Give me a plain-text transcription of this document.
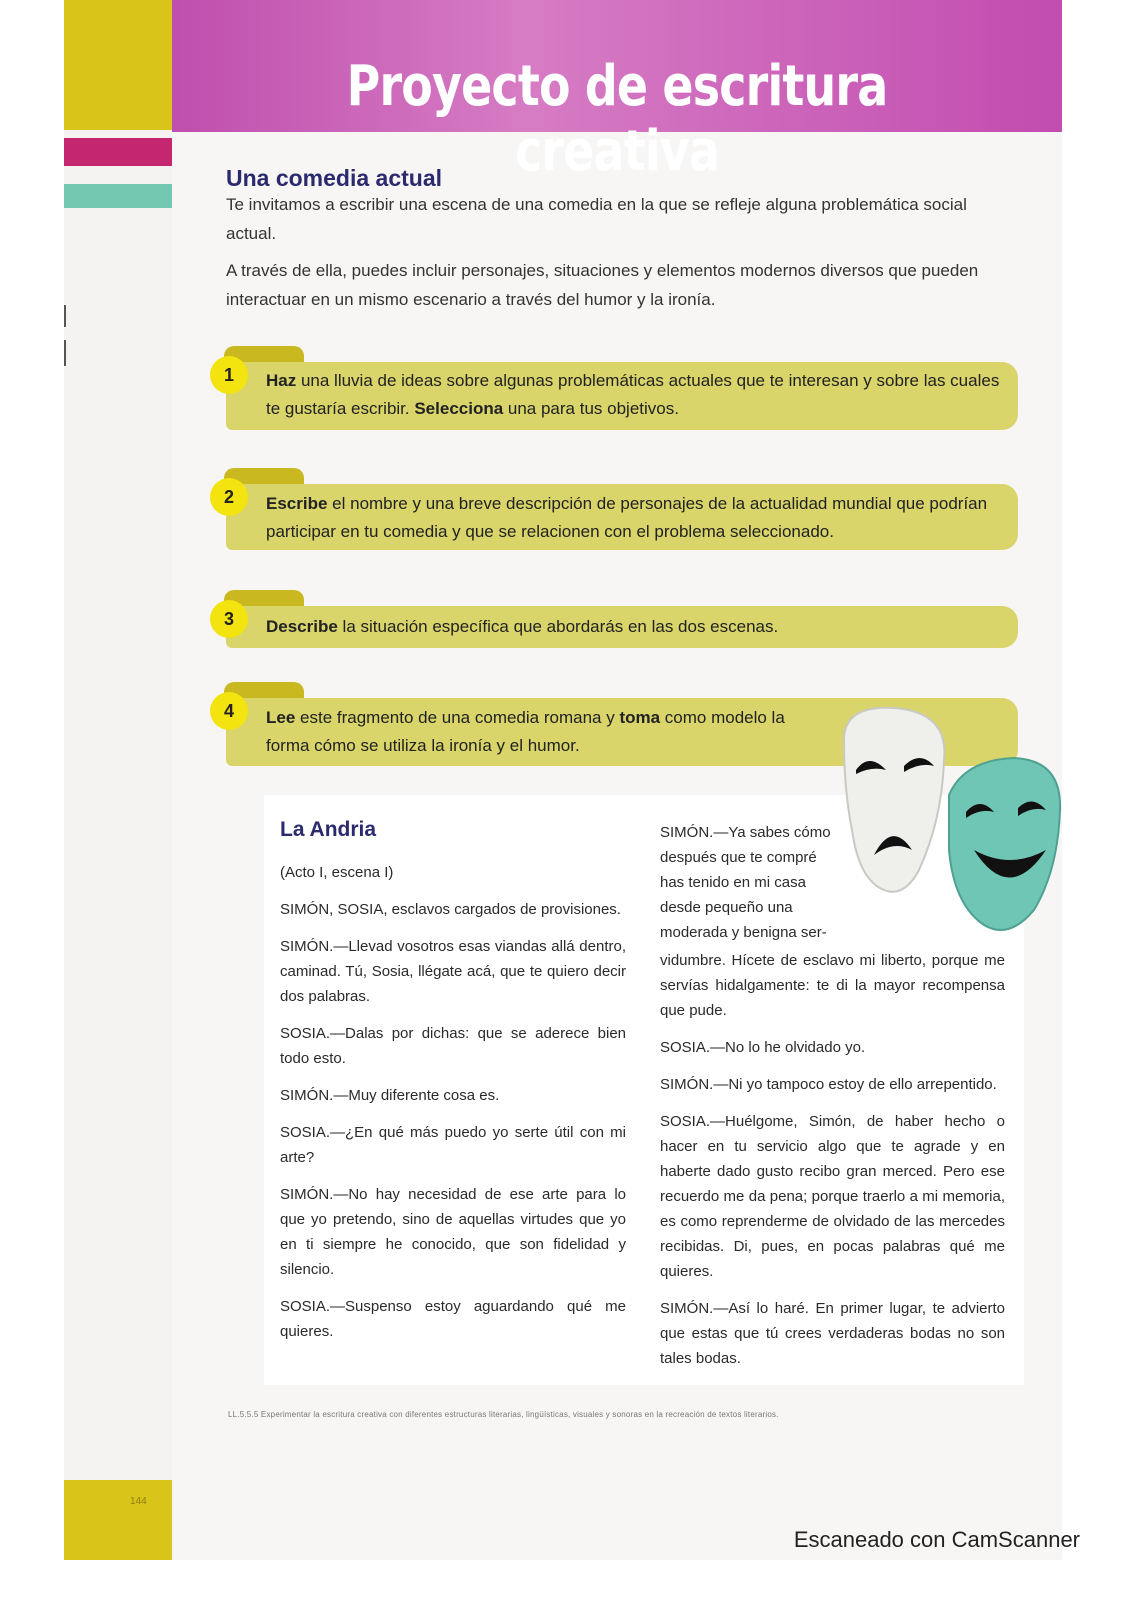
Proyecto de escritura creativa
Una comedia actual
Te invitamos a escribir una escena de una comedia en la que se refleje alguna problemática social actual.
A través de ella, puedes incluir personajes, situaciones y elementos modernos diversos que pueden interactuar en un mismo escenario a través del humor y la ironía.
1	Haz una lluvia de ideas sobre algunas problemáticas actuales que te interesan y sobre las cuales te gustaría escribir. Selecciona una para tus objetivos.
2	Escribe el nombre y una breve descripción de personajes de la actualidad mundial que podrían participar en tu comedia y que se relacionen con el problema seleccionado.
3	Describe la situación específica que abordarás en las dos escenas.
4	Lee este fragmento de una comedia romana y toma como modelo la forma cómo se utiliza la ironía y el humor.
La Andria

(Acto I, escena I)

SIMÓN, SOSIA, esclavos cargados de provisiones.

SIMÓN.—Llevad vosotros esas viandas allá dentro, caminad. Tú, Sosia, llégate acá, que te quiero decir dos palabras.

SOSIA.—Dalas por dichas: que se aderece bien todo esto.

SIMÓN.—Muy diferente cosa es.

SOSIA.—¿En qué más puedo yo serte útil con mi arte?

SIMÓN.—No hay necesidad de ese arte para lo que yo pretendo, sino de aquellas virtudes que yo en ti siempre he conocido, que son fidelidad y silencio.

SOSIA.—Suspenso estoy aguardando qué me quieres.

SIMÓN.—Ya sabes cómo después que te compré has tenido en mi casa desde pequeño una moderada y benigna ser-

vidumbre. Hícete de esclavo mi liberto, porque me servías hidalgamente: te di la mayor recompensa que pude.

SOSIA.—No lo he olvidado yo.

SIMÓN.—Ni yo tampoco estoy de ello arrepentido.

SOSIA.—Huélgome, Simón, de haber hecho o hacer en tu servicio algo que te agrade y en haberte dado gusto recibo gran merced. Pero ese recuerdo me da pena; porque traerlo a mi memoria, es como reprenderme de olvidado de las mercedes recibidas. Di, pues, en pocas palabras qué me quieres.

SIMÓN.—Así lo haré. En primer lugar, te advierto que estas que tú crees verdaderas bodas no son tales bodas.

LL.5.5.5 Experimentar la escritura creativa con diferentes estructuras literarias, lingüísticas, visuales y sonoras en la recreación de textos literarios.
144
Escaneado con CamScanner
